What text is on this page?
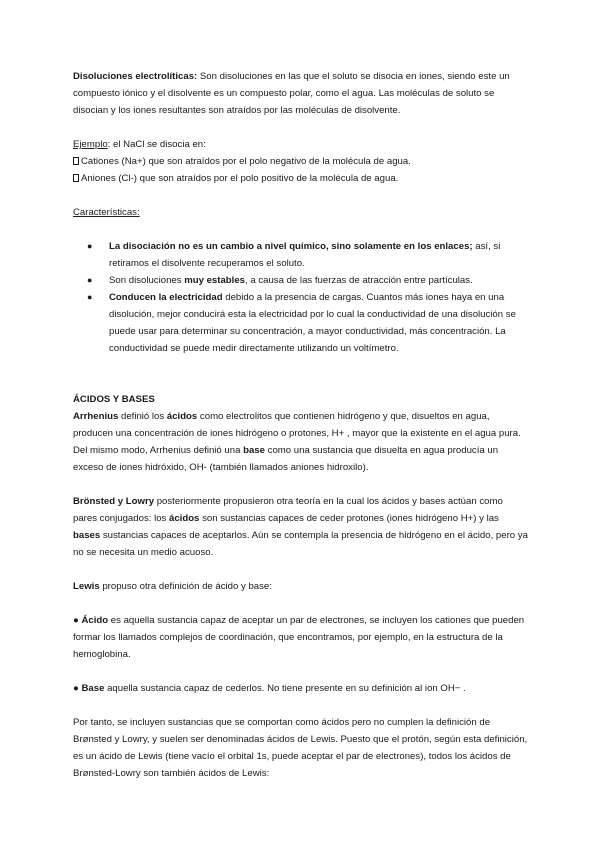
Disoluciones electrolíticas: Son disoluciones en las que el soluto se disocia en iones, siendo este un compuesto iónico y el disolvente es un compuesto polar, como el agua. Las moléculas de soluto se disocian y los iones resultantes son atraídos por las moléculas de disolvente.

Ejemplo: el NaCl se disocia en:

Cationes (Na+) que son atraídos por el polo negativo de la molécula de agua.

Aniones (Cl-) que son atraídos por el polo positivo de la molécula de agua.

Características:

● La disociación no es un cambio a nivel químico, sino solamente en los enlaces; así, si retiramos el disolvente recuperamos el soluto.
● Son disoluciones muy estables, a causa de las fuerzas de atracción entre partículas.
● Conducen la electricidad debido a la presencia de cargas. Cuantos más iones haya en una disolución, mejor conducirá esta la electricidad por lo cual la conductividad de una disolución se puede usar para determinar su concentración, a mayor conductividad, más concentración. La conductividad se puede medir directamente utilizando un voltímetro.

ÁCIDOS Y BASES

Arrhenius definió los ácidos como electrolitos que contienen hidrógeno y que, disueltos en agua, producen una concentración de iones hidrógeno o protones, H+ , mayor que la existente en el agua pura. Del mismo modo, Arrhenius definió una base como una sustancia que disuelta en agua producía un exceso de iones hidróxido, OH- (también llamados aniones hidroxilo).

Brönsted y Lowry posteriormente propusieron otra teoría en la cual los ácidos y bases actúan como pares conjugados: los ácidos son sustancias capaces de ceder protones (iones hidrógeno H+) y las bases sustancias capaces de aceptarlos. Aún se contempla la presencia de hidrógeno en el ácido, pero ya no se necesita un medio acuoso.

Lewis propuso otra definición de ácido y base:

● Ácido es aquella sustancia capaz de aceptar un par de electrones, se incluyen los cationes que pueden formar los llamados complejos de coordinación, que encontramos, por ejemplo, en la estructura de la hemoglobina.

● Base aquella sustancia capaz de cederlos. No tiene presente en su definición al ion OH− .

Por tanto, se incluyen sustancias que se comportan como ácidos pero no cumplen la definición de Brønsted y Lowry, y suelen ser denominadas ácidos de Lewis. Puesto que el protón, según esta definición, es un ácido de Lewis (tiene vacío el orbital 1s, puede aceptar el par de electrones), todos los ácidos de Brønsted-Lowry son también ácidos de Lewis:
